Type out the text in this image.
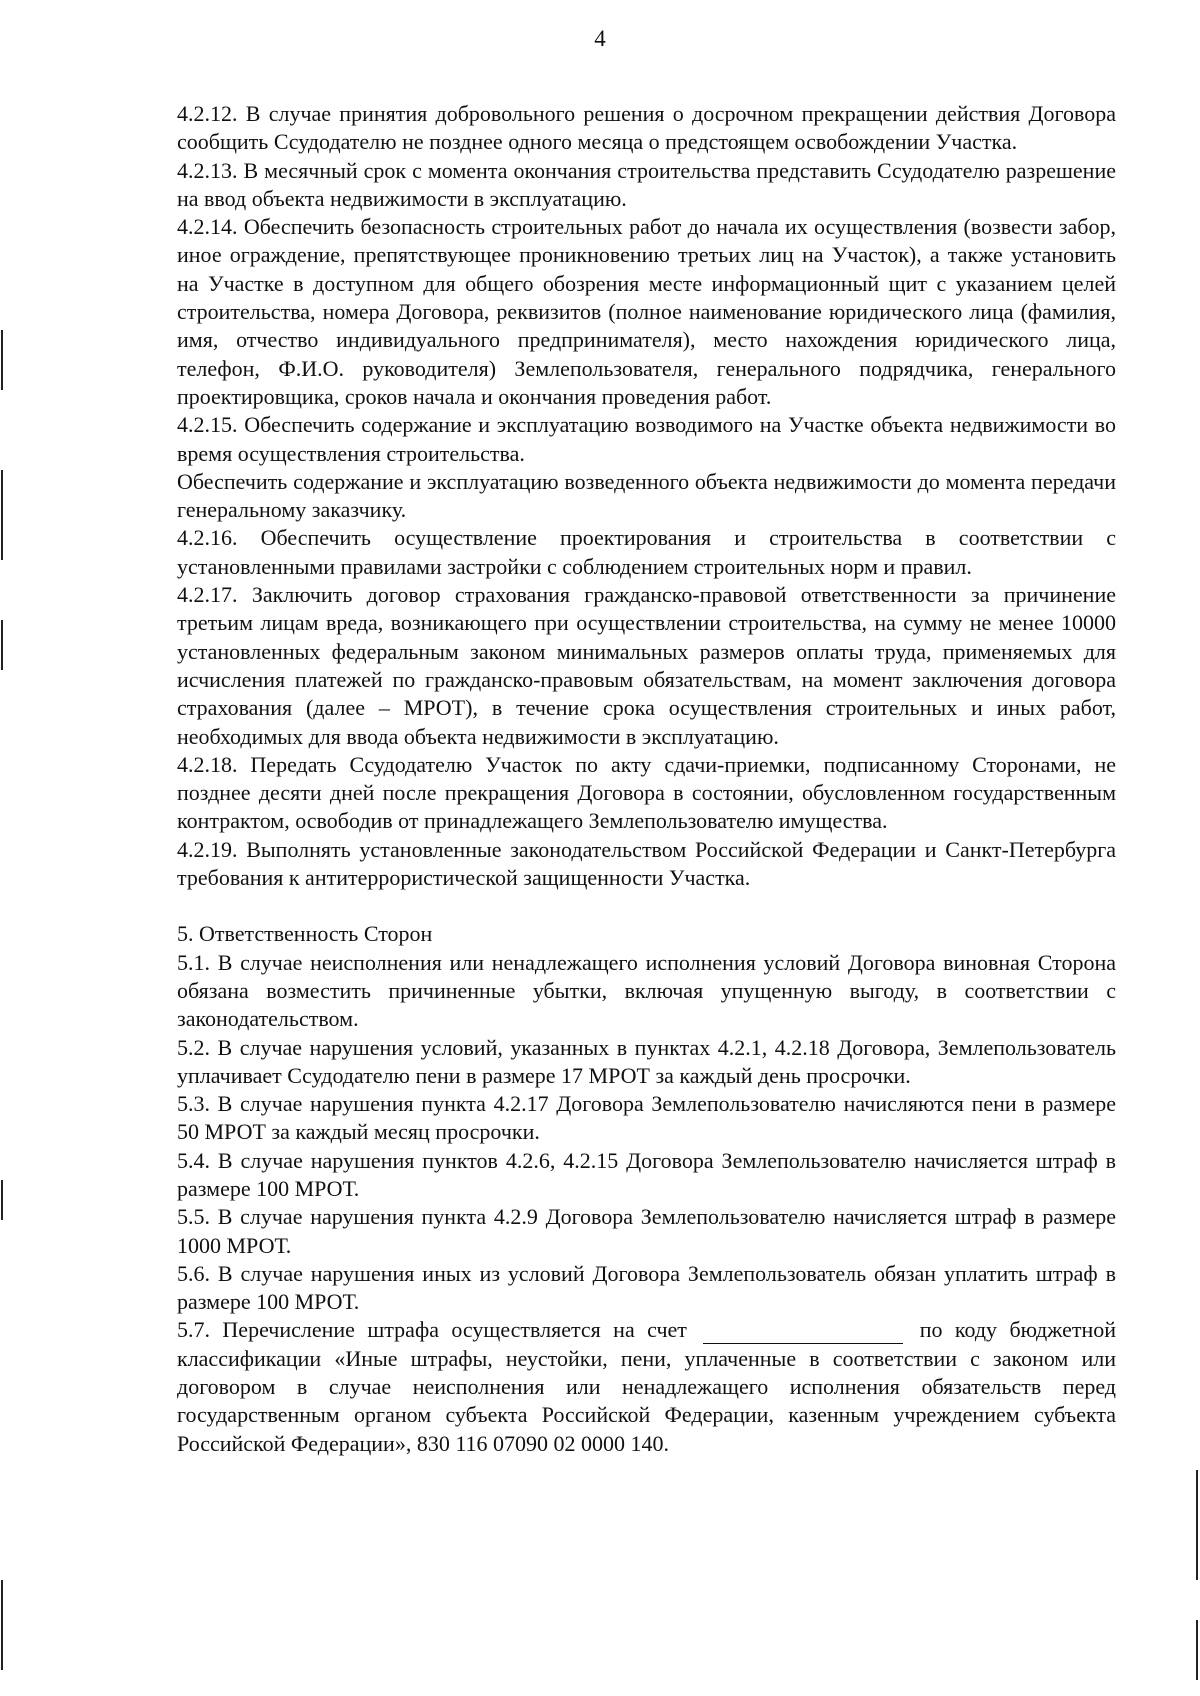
4

4.2.12. В случае принятия добровольного решения о досрочном прекращении действия Договора сообщить Ссудодателю не позднее одного месяца о предстоящем освобождении Участка.

4.2.13. В месячный срок с момента окончания строительства представить Ссудодателю разрешение на ввод объекта недвижимости в эксплуатацию.

4.2.14. Обеспечить безопасность строительных работ до начала их осуществления (возвести забор, иное ограждение, препятствующее проникновению третьих лиц на Участок), а также установить на Участке в доступном для общего обозрения месте информационный щит с указанием целей строительства, номера Договора, реквизитов (полное наименование юридического лица (фамилия, имя, отчество индивидуального предпринимателя), место нахождения юридического лица, телефон, Ф.И.О. руководителя) Землепользователя, генерального подрядчика, генерального проектировщика, сроков начала и окончания проведения работ.

4.2.15. Обеспечить содержание и эксплуатацию возводимого на Участке объекта недвижимости во время осуществления строительства.

Обеспечить содержание и эксплуатацию возведенного объекта недвижимости до момента передачи генеральному заказчику.

4.2.16. Обеспечить осуществление проектирования и строительства в соответствии с установленными правилами застройки с соблюдением строительных норм и правил.

4.2.17. Заключить договор страхования гражданско-правовой ответственности за причинение третьим лицам вреда, возникающего при осуществлении строительства, на сумму не менее 10000 установленных федеральным законом минимальных размеров оплаты труда, применяемых для исчисления платежей по гражданско-правовым обязательствам, на момент заключения договора страхования (далее – МРОТ), в течение срока осуществления строительных и иных работ, необходимых для ввода объекта недвижимости в эксплуатацию.

4.2.18. Передать Ссудодателю Участок по акту сдачи-приемки, подписанному Сторонами, не позднее десяти дней после прекращения Договора в состоянии, обусловленном государственным контрактом, освободив от принадлежащего Землепользователю имущества.

4.2.19. Выполнять установленные законодательством Российской Федерации и Санкт-Петербурга требования к антитеррористической защищенности Участка.

5. Ответственность Сторон

5.1. В случае неисполнения или ненадлежащего исполнения условий Договора виновная Сторона обязана возместить причиненные убытки, включая упущенную выгоду, в соответствии с законодательством.

5.2. В случае нарушения условий, указанных в пунктах 4.2.1, 4.2.18 Договора, Землепользователь уплачивает Ссудодателю пени в размере 17 МРОТ за каждый день просрочки.

5.3. В случае нарушения пункта 4.2.17 Договора Землепользователю начисляются пени в размере 50 МРОТ за каждый месяц просрочки.

5.4. В случае нарушения пунктов 4.2.6, 4.2.15 Договора Землепользователю начисляется штраф в размере 100 МРОТ.

5.5. В случае нарушения пункта 4.2.9 Договора Землепользователю начисляется штраф в размере 1000 МРОТ.

5.6. В случае нарушения иных из условий Договора Землепользователь обязан уплатить штраф в размере 100 МРОТ.

5.7. Перечисление штрафа осуществляется на счет	по коду бюджетной классификации «Иные штрафы, неустойки, пени, уплаченные в соответствии с законом или договором в случае неисполнения или ненадлежащего исполнения обязательств перед государственным органом субъекта Российской Федерации, казенным учреждением субъекта Российской Федерации», 830 116 07090 02 0000 140.
